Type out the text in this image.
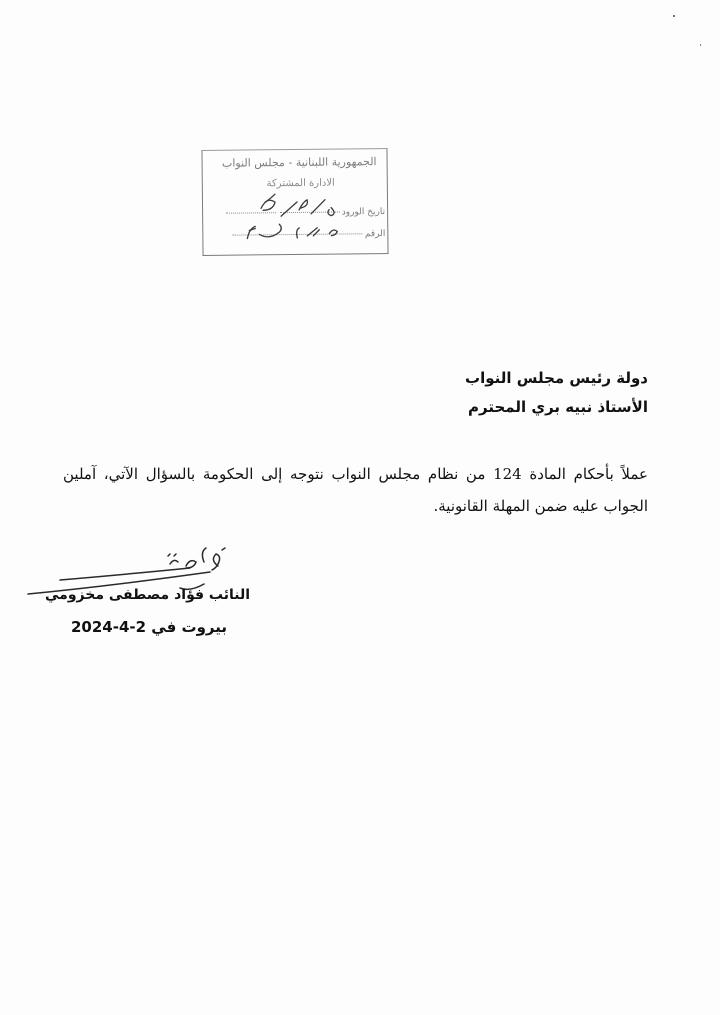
الجمهورية اللبنانية - مجلس النواب
الادارة المشتركة
تاريخ الورود
الرقم
دولة رئيس مجلس النواب
الأستاذ نبيه بري المحترم
عملاً بأحكام المادة 124 من نظام مجلس النواب نتوجه إلى الحكومة بالسؤال الآتي، آملين الجواب عليه ضمن المهلة القانونية.
النائب فؤاد مصطفى مخزومي
بيروت في 2024-4-2
